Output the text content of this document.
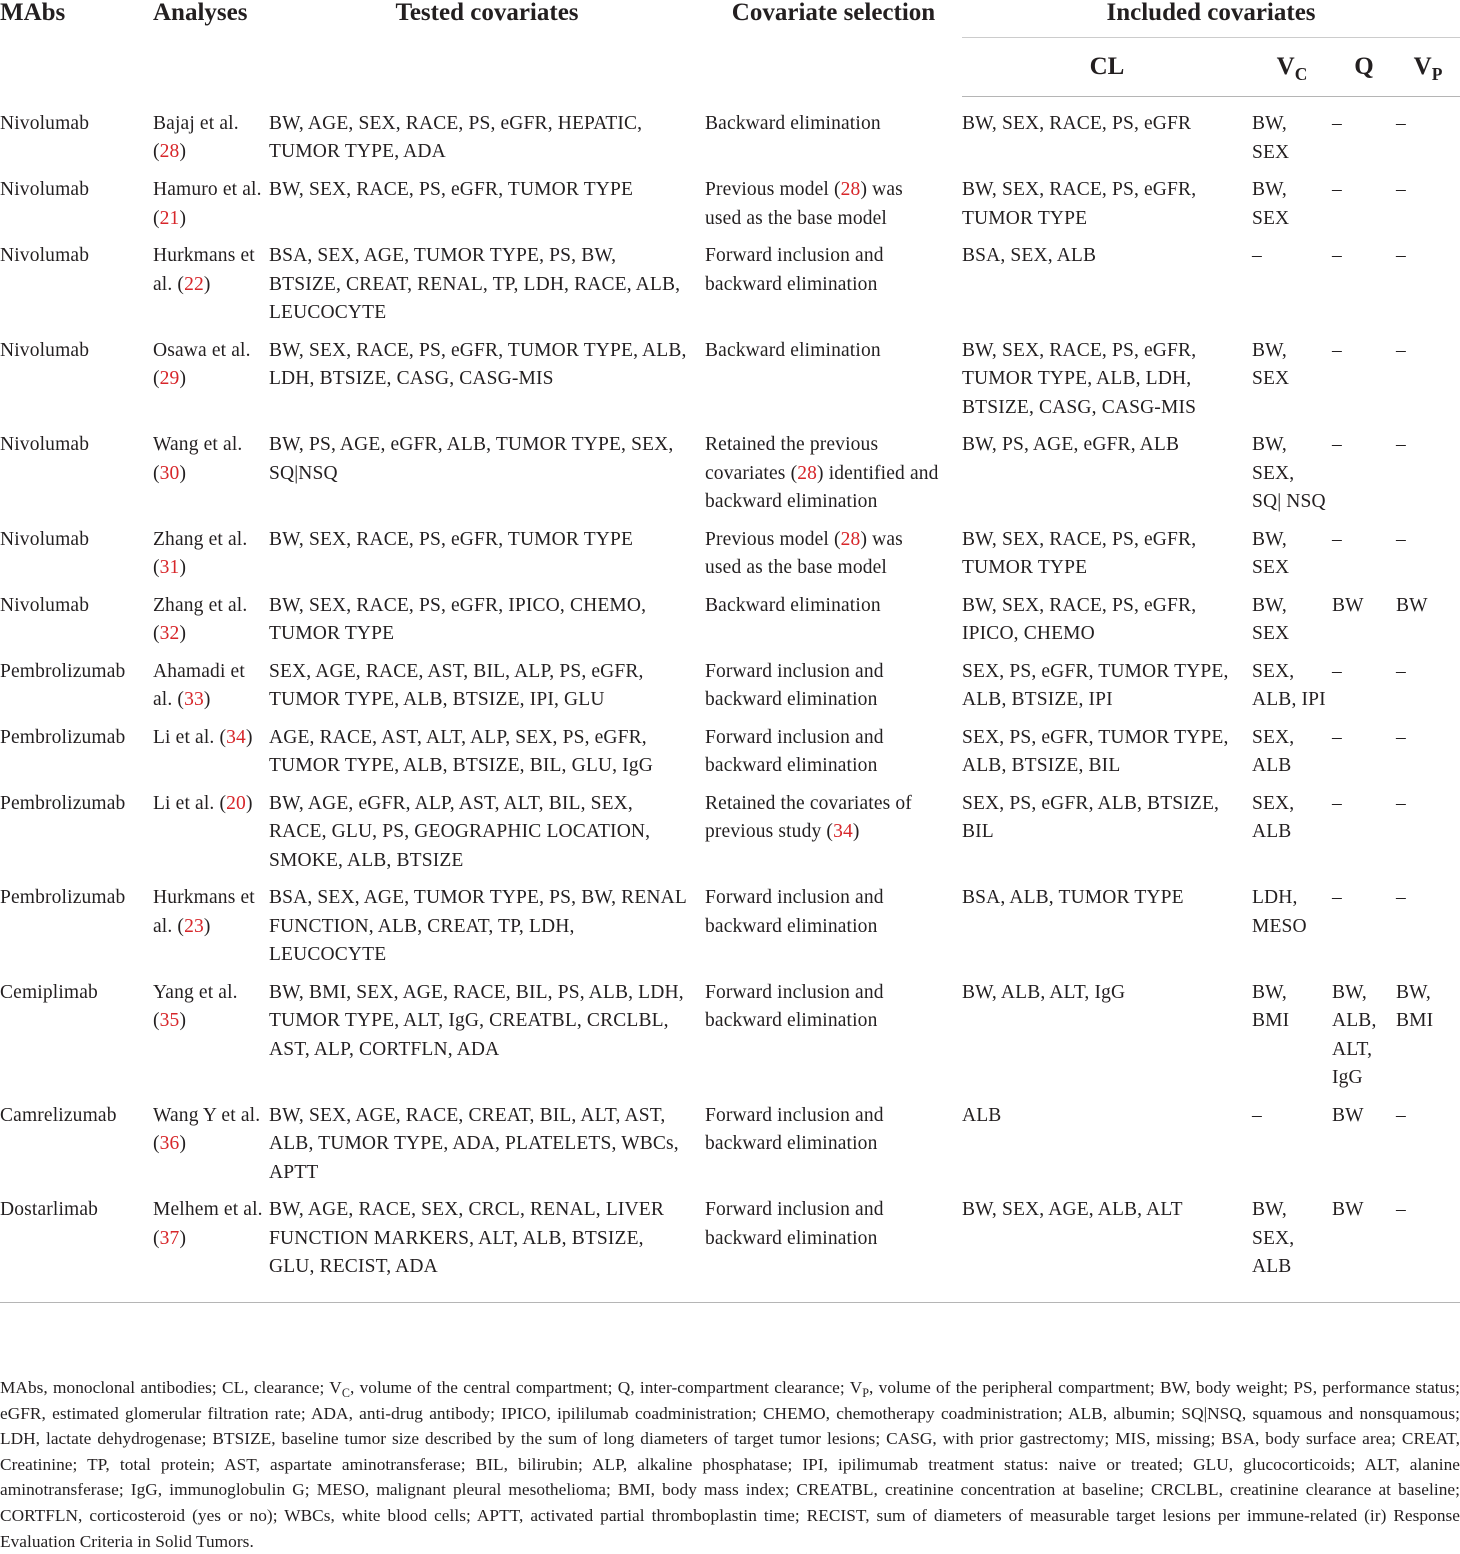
MAbs	Analyses	Tested covariates	Covariate selection	Included covariates			
				CL	$V_C$	Q	$V_P$
Nivolumab	Bajaj et al. (28)	BW, AGE, SEX, RACE, PS, eGFR, HEPATIC, TUMOR TYPE, ADA	Backward elimination	BW, SEX, RACE, PS, eGFR	BW, SEX	–	–
Nivolumab	Hamuro et al. (21)	BW, SEX, RACE, PS, eGFR, TUMOR TYPE	Previous model (28) was used as the base model	BW, SEX, RACE, PS, eGFR, TUMOR TYPE	BW, SEX	–	–
Nivolumab	Hurkmans et al. (22)	BSA, SEX, AGE, TUMOR TYPE, PS, BW, BTSIZE, CREAT, RENAL, TP, LDH, RACE, ALB, LEUCOCYTE	Forward inclusion and backward elimination	BSA, SEX, ALB	–	–	–
Nivolumab	Osawa et al. (29)	BW, SEX, RACE, PS, eGFR, TUMOR TYPE, ALB, LDH, BTSIZE, CASG, CASG-MIS	Backward elimination	BW, SEX, RACE, PS, eGFR, TUMOR TYPE, ALB, LDH, BTSIZE, CASG, CASG-MIS	BW, SEX	–	–
Nivolumab	Wang et al. (30)	BW, PS, AGE, eGFR, ALB, TUMOR TYPE, SEX, SQ|NSQ	Retained the previous covariates (28) identified and backward elimination	BW, PS, AGE, eGFR, ALB	BW, SEX, SQ| NSQ	–	–
Nivolumab	Zhang et al. (31)	BW, SEX, RACE, PS, eGFR, TUMOR TYPE	Previous model (28) was used as the base model	BW, SEX, RACE, PS, eGFR, TUMOR TYPE	BW, SEX	–	–
Nivolumab	Zhang et al. (32)	BW, SEX, RACE, PS, eGFR, IPICO, CHEMO, TUMOR TYPE	Backward elimination	BW, SEX, RACE, PS, eGFR, IPICO, CHEMO	BW, SEX	BW	BW
Pembrolizumab	Ahamadi et al. (33)	SEX, AGE, RACE, AST, BIL, ALP, PS, eGFR, TUMOR TYPE, ALB, BTSIZE, IPI, GLU	Forward inclusion and backward elimination	SEX, PS, eGFR, TUMOR TYPE, ALB, BTSIZE, IPI	SEX, ALB, IPI	–	–
Pembrolizumab	Li et al. (34)	AGE, RACE, AST, ALT, ALP, SEX, PS, eGFR, TUMOR TYPE, ALB, BTSIZE, BIL, GLU, IgG	Forward inclusion and backward elimination	SEX, PS, eGFR, TUMOR TYPE, ALB, BTSIZE, BIL	SEX, ALB	–	–
Pembrolizumab	Li et al. (20)	BW, AGE, eGFR, ALP, AST, ALT, BIL, SEX, RACE, GLU, PS, GEOGRAPHIC LOCATION, SMOKE, ALB, BTSIZE	Retained the covariates of previous study (34)	SEX, PS, eGFR, ALB, BTSIZE, BIL	SEX, ALB	–	–
Pembrolizumab	Hurkmans et al. (23)	BSA, SEX, AGE, TUMOR TYPE, PS, BW, RENAL FUNCTION, ALB, CREAT, TP, LDH, LEUCOCYTE	Forward inclusion and backward elimination	BSA, ALB, TUMOR TYPE	LDH, MESO	–	–
Cemiplimab	Yang et al. (35)	BW, BMI, SEX, AGE, RACE, BIL, PS, ALB, LDH, TUMOR TYPE, ALT, IgG, CREATBL, CRCLBL, AST, ALP, CORTFLN, ADA	Forward inclusion and backward elimination	BW, ALB, ALT, IgG	BW, BMI	BW, ALB, ALT, IgG	BW, BMI
Camrelizumab	Wang Y et al. (36)	BW, SEX, AGE, RACE, CREAT, BIL, ALT, AST, ALB, TUMOR TYPE, ADA, PLATELETS, WBCs, APTT	Forward inclusion and backward elimination	ALB	–	BW	–
Dostarlimab	Melhem et al. (37)	BW, AGE, RACE, SEX, CRCL, RENAL, LIVER FUNCTION MARKERS, ALT, ALB, BTSIZE, GLU, RECIST, ADA	Forward inclusion and backward elimination	BW, SEX, AGE, ALB, ALT	BW, SEX, ALB	BW	–
MAbs, monoclonal antibodies; CL, clearance; $V_C$, volume of the central compartment; Q, inter-compartment clearance; $V_P$, volume of the peripheral compartment; BW, body weight; PS, performance status; eGFR, estimated glomerular filtration rate; ADA, anti-drug antibody; IPICO, ipililumab coadministration; CHEMO, chemotherapy coadministration; ALB, albumin; SQ|NSQ, squamous and nonsquamous; LDH, lactate dehydrogenase; BTSIZE, baseline tumor size described by the sum of long diameters of target tumor lesions; CASG, with prior gastrectomy; MIS, missing; BSA, body surface area; CREAT, Creatinine; TP, total protein; AST, aspartate aminotransferase; BIL, bilirubin; ALP, alkaline phosphatase; IPI, ipilimumab treatment status: naive or treated; GLU, glucocorticoids; ALT, alanine aminotransferase; IgG, immunoglobulin G; MESO, malignant pleural mesothelioma; BMI, body mass index; CREATBL, creatinine concentration at baseline; CRCLBL, creatinine clearance at baseline; CORTFLN, corticosteroid (yes or no); WBCs, white blood cells; APTT, activated partial thromboplastin time; RECIST, sum of diameters of measurable target lesions per immune-related (ir) Response Evaluation Criteria in Solid Tumors.
